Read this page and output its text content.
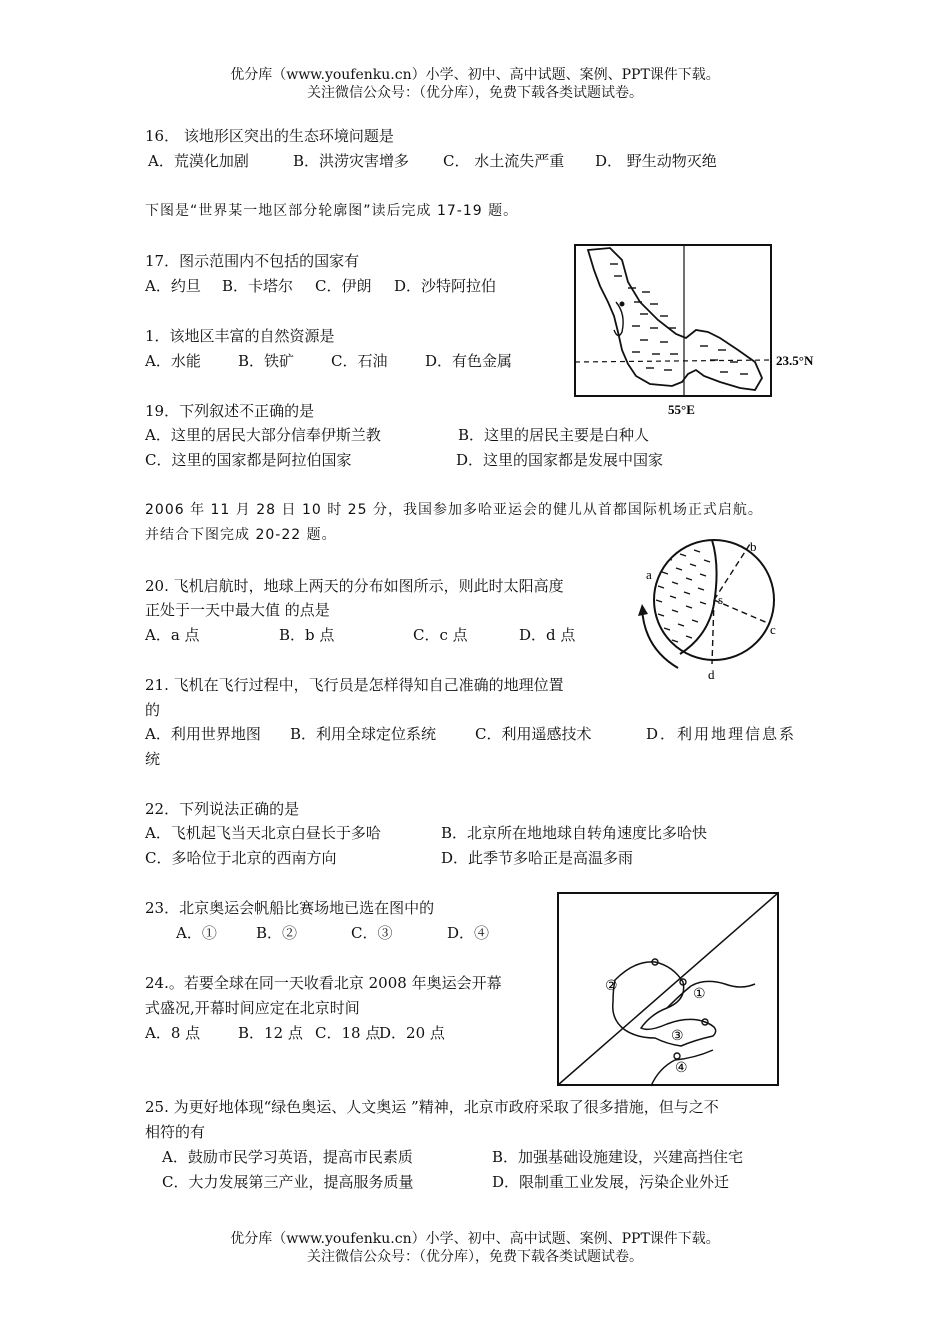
优分库（www.youfenku.cn）小学、初中、高中试题、案例、PPT课件下载。
关注微信公众号：（优分库），免费下载各类试题试卷。
16． 该地形区突出的生态环境问题是
A．荒漠化加剧	B．洪涝灾害增多 C． 水土流失严重 D． 野生动物灭绝
下图是“世界某一地区部分轮廓图”读后完成 17-19 题。
17．图示范围内不包括的国家有
A．约旦 B．卡塔尔 C．伊朗 D．沙特阿拉伯
1．该地区丰富的自然资源是
A．水能 B．铁矿 C．石油	D．有色金属
19．下列叙述不正确的是
A．这里的居民大部分信奉伊斯兰教	B．这里的居民主要是白种人
C．这里的国家都是阿拉伯国家	D．这里的国家都是发展中国家
23.5°N
55°E
2006 年 11 月 28 日 10 时 25 分，我国参加多哈亚运会的健儿从首都国际机场正式启航。
并结合下图完成 20-22 题。
20. 飞机启航时，地球上两天的分布如图所示，则此时太阳高度
正处于一天中最大值 的点是
A．a 点	B．b 点	C．c 点	D．d 点
a
b
s
c
d
21. 飞机在飞行过程中，飞行员是怎样得知自己准确的地理位置
的
A．利用世界地图 B．利用全球定位系统	C．利用遥感技术	D．利用地理信息系
统
22．下列说法正确的是
A．飞机起飞当天北京白昼长于多哈	B．北京所在地地球自转角速度比多哈快
C．多哈位于北京的西南方向	D．此季节多哈正是高温多雨
23．北京奥运会帆船比赛场地已选在图中的
A．①	B．②	C．③	D．④
①
②
③
④
24.。若要全球在同一天收看北京 2008 年奥运会开幕
式盛况,开幕时间应定在北京时间
A．8 点	B．12 点 C．18 点D．20 点
25. 为更好地体现“绿色奥运、人文奥运 ”精神，北京市政府采取了很多措施，但与之不
相符的有
A．鼓励市民学习英语，提高市民素质	B．加强基础设施建设，兴建高挡住宅
C．大力发展第三产业，提高服务质量	D．限制重工业发展，污染企业外迁
优分库（www.youfenku.cn）小学、初中、高中试题、案例、PPT课件下载。
关注微信公众号：（优分库），免费下载各类试题试卷。
